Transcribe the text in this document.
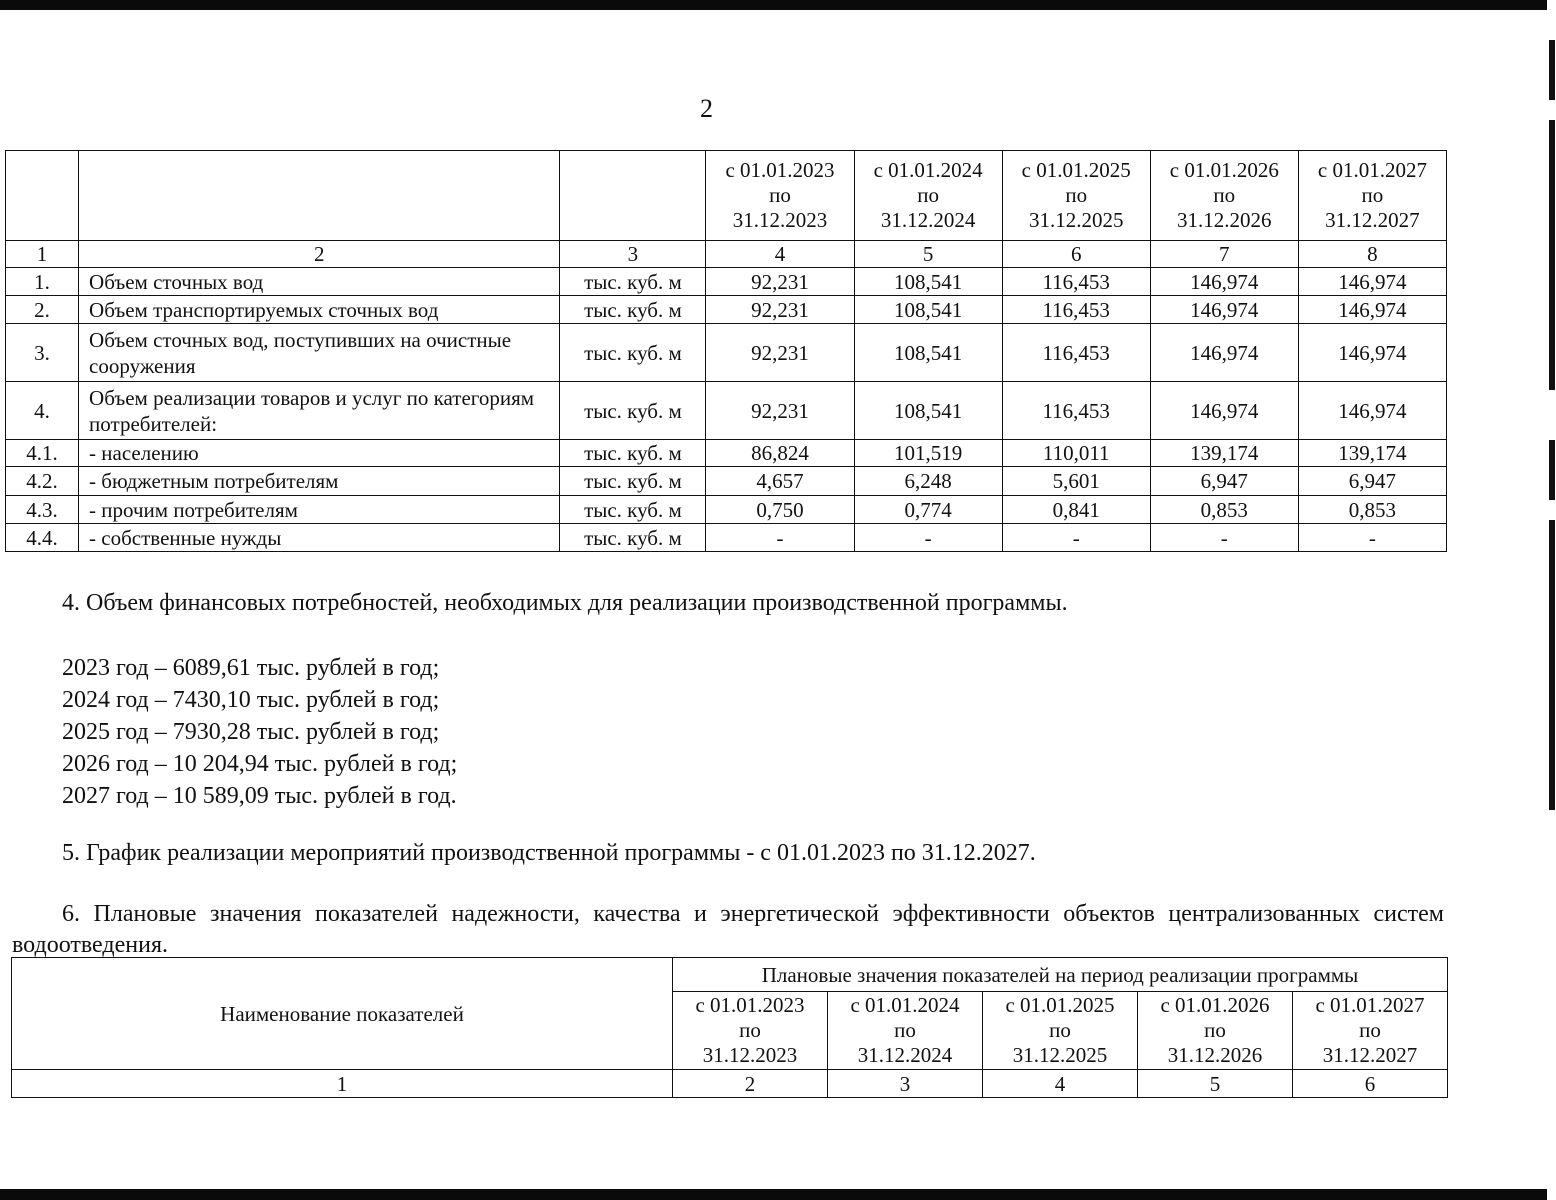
2
			с 01.01.2023
по
31.12.2023	с 01.01.2024
по
31.12.2024	с 01.01.2025
по
31.12.2025	с 01.01.2026
по
31.12.2026	с 01.01.2027
по
31.12.2027
1	2	3	4	5	6	7	8
1.	Объем сточных вод	тыс. куб. м	92,231	108,541	116,453	146,974	146,974
2.	Объем транспортируемых сточных вод	тыс. куб. м	92,231	108,541	116,453	146,974	146,974
3.	Объем сточных вод, поступивших на очистные сооружения	тыс. куб. м	92,231	108,541	116,453	146,974	146,974
4.	Объем реализации товаров и услуг по категориям потребителей:	тыс. куб. м	92,231	108,541	116,453	146,974	146,974
4.1.	- населению	тыс. куб. м	86,824	101,519	110,011	139,174	139,174
4.2.	- бюджетным потребителям	тыс. куб. м	4,657	6,248	5,601	6,947	6,947
4.3.	- прочим потребителям	тыс. куб. м	0,750	0,774	0,841	0,853	0,853
4.4.	- собственные нужды	тыс. куб. м	-	-	-	-	-
4. Объем финансовых потребностей, необходимых для реализации производственной программы.
2023 год – 6089,61 тыс. рублей в год;
2024 год – 7430,10 тыс. рублей в год;
2025 год – 7930,28 тыс. рублей в год;
2026 год – 10 204,94 тыс. рублей в год;
2027 год – 10 589,09 тыс. рублей в год.
5. График реализации мероприятий производственной программы - с 01.01.2023 по 31.12.2027.
6. Плановые значения показателей надежности, качества и энергетической эффективности объектов централизованных систем водоотведения.
Наименование показателей	Плановые значения показателей на период реализации программы				
	с 01.01.2023
по
31.12.2023	с 01.01.2024
по
31.12.2024	с 01.01.2025
по
31.12.2025	с 01.01.2026
по
31.12.2026	с 01.01.2027
по
31.12.2027
1	2	3	4	5	6
